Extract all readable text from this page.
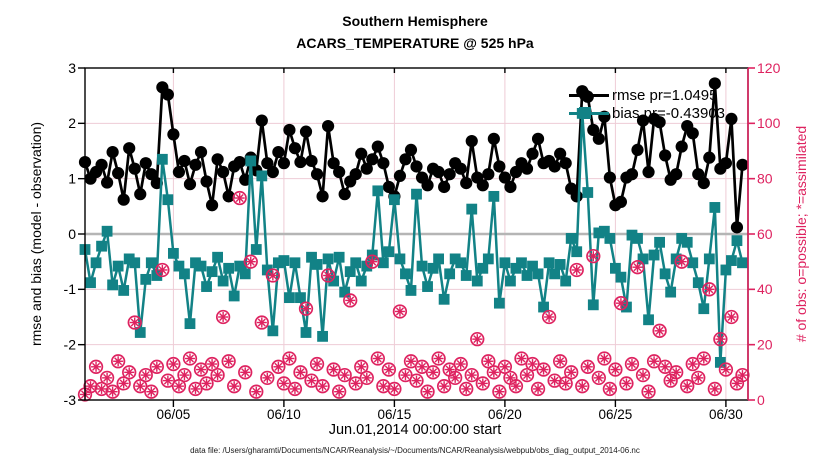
3
2
1
0
-1
-2
-3	0
20
40
60
80
100
120
06/05	06/10	06/15	06/20	06/25	06/30
Southern Hemisphere
ACARS_TEMPERATURE @ 525 hPa
rmse and bias (model - observation)	# of obs: o=possible; *=assimilated
Jun.01,2014 00:00:00 start
rmse pr=1.0495
bias pr=-0.43903
data file: /Users/gharamti/Documents/NCAR/Reanalysis/~/Documents/NCAR/Reanalysis/webpub/obs_diag_output_2014-06.nc
